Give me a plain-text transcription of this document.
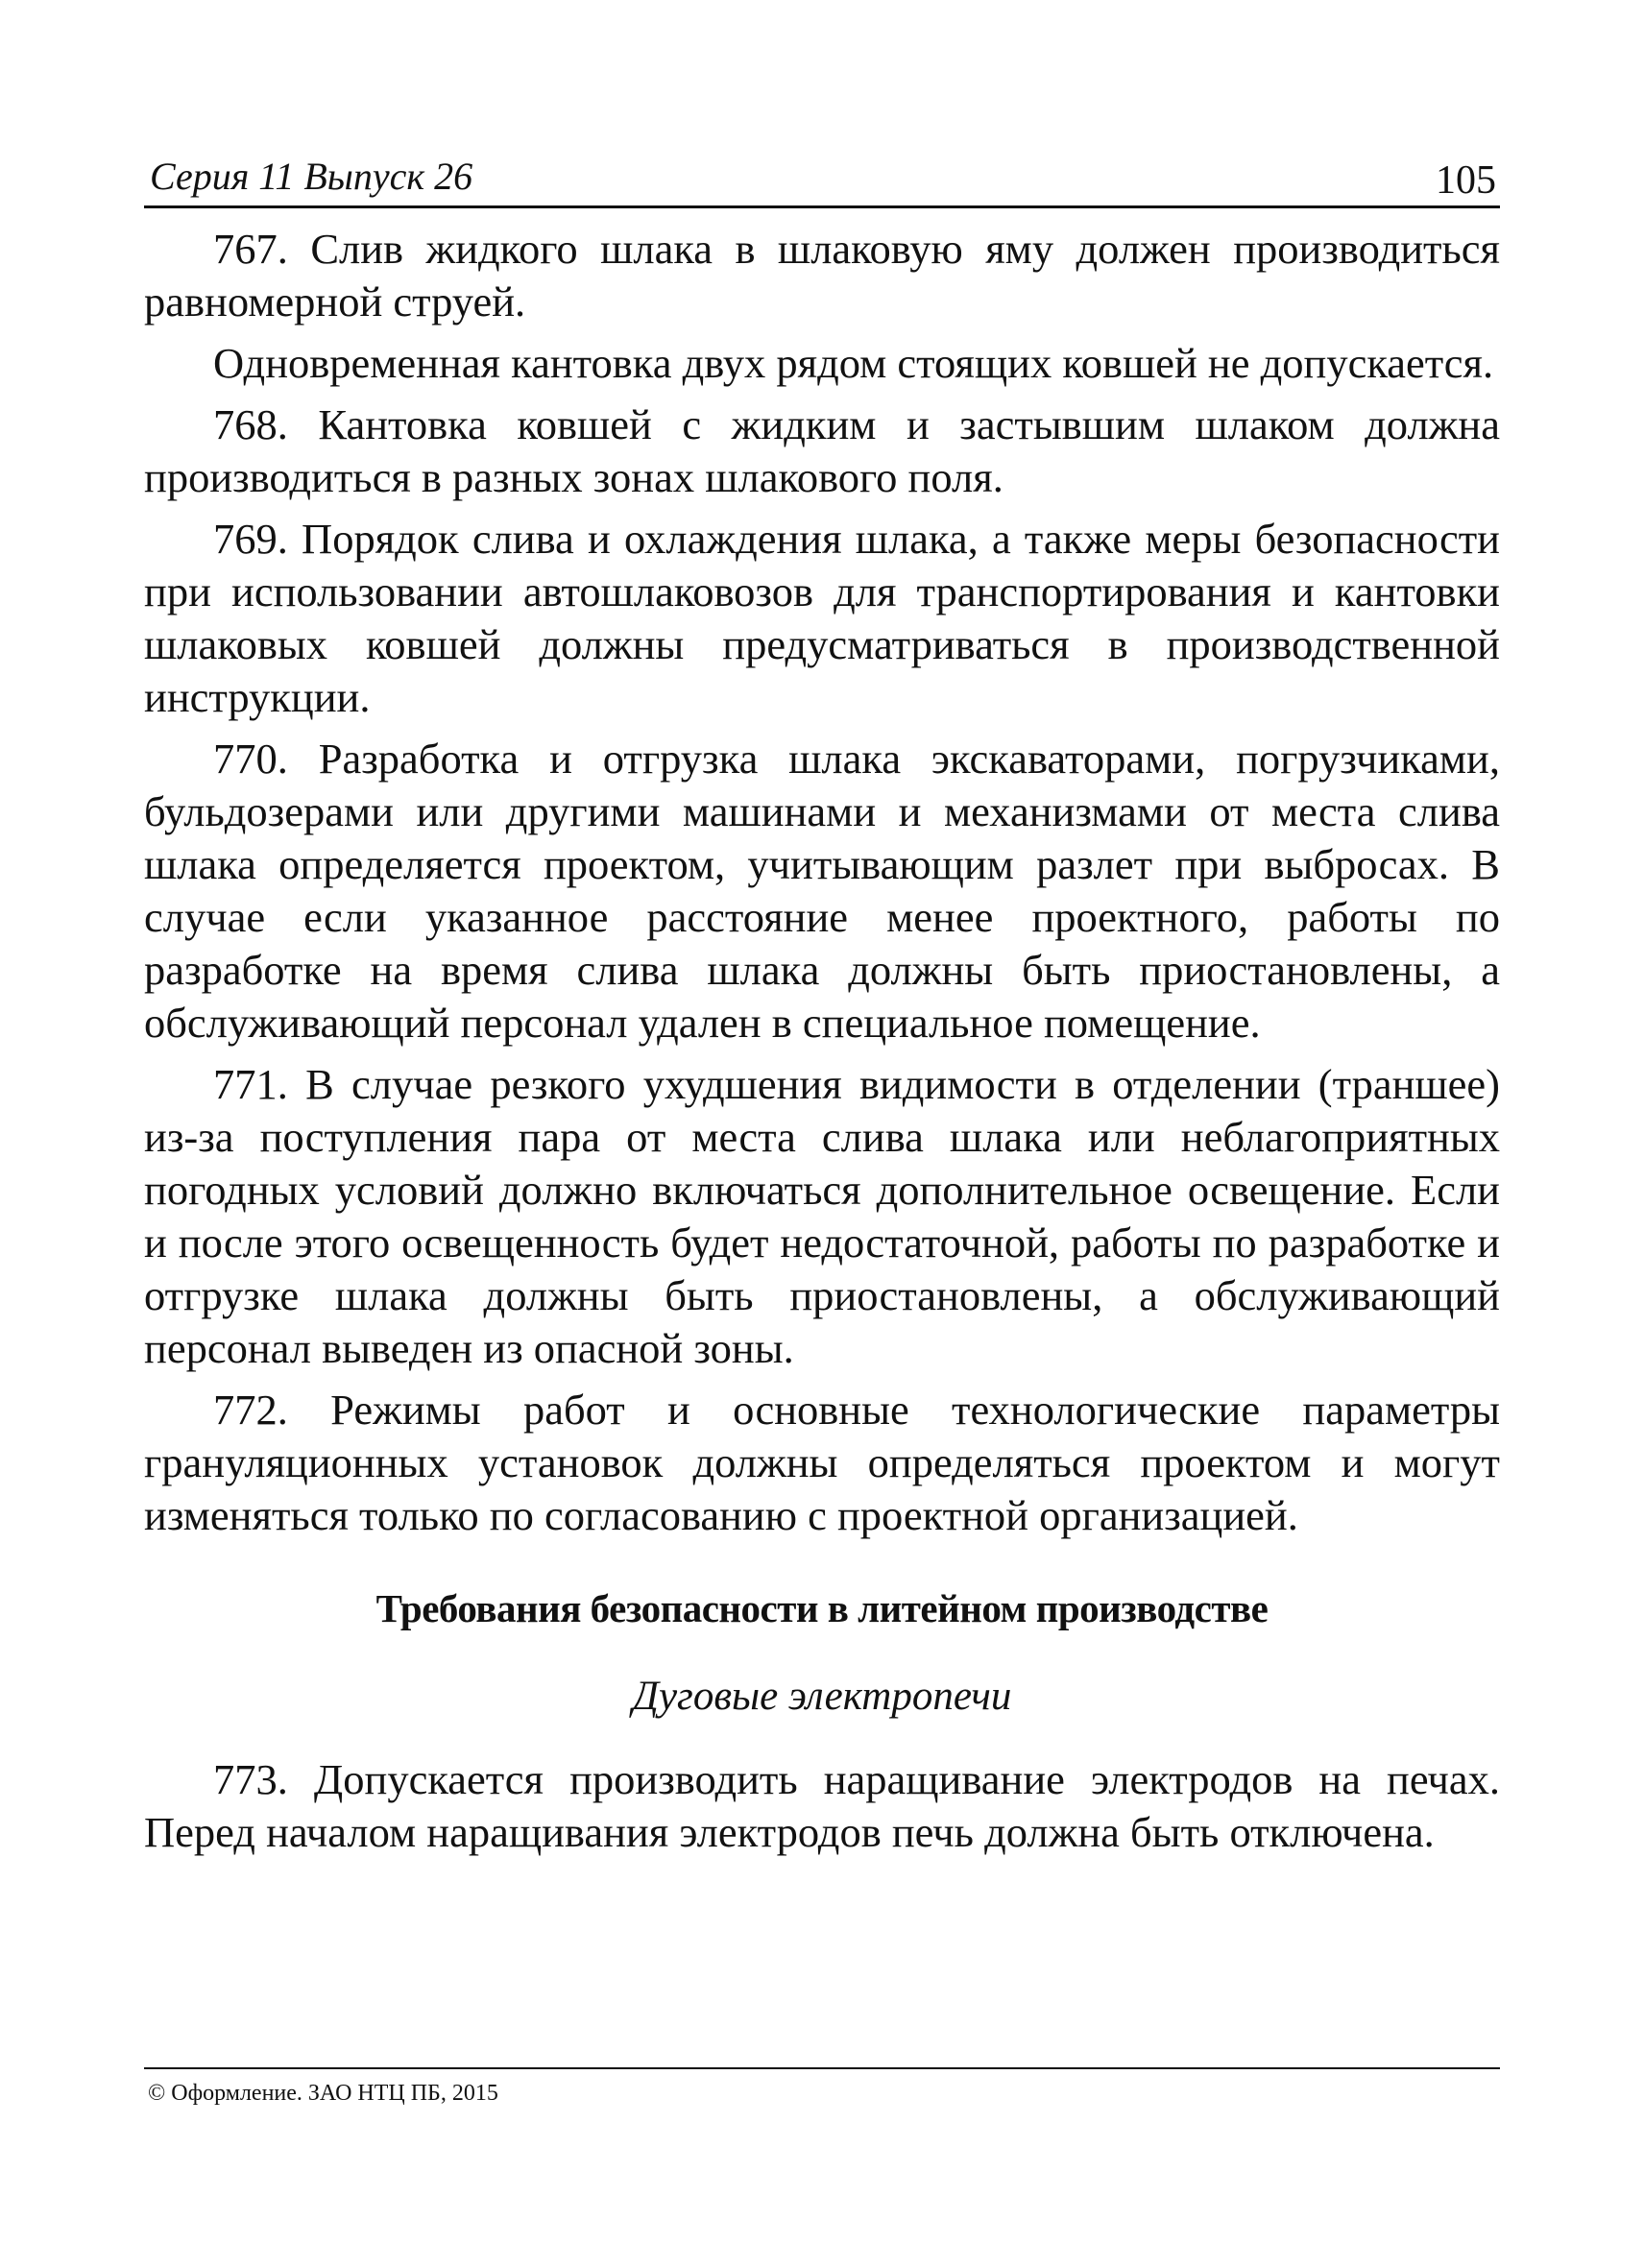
Серия 11 Выпуск 26	105

767. Слив жидкого шлака в шлаковую яму должен производиться равномерной струей.

Одновременная кантовка двух рядом стоящих ковшей не допускается.

768. Кантовка ковшей с жидким и застывшим шлаком должна производиться в разных зонах шлакового поля.

769. Порядок слива и охлаждения шлака, а также меры безопасности при использовании автошлаковозов для транспортирования и кантовки шлаковых ковшей должны предусматриваться в производственной инструкции.

770. Разработка и отгрузка шлака экскаваторами, погрузчиками, бульдозерами или другими машинами и механизмами от места слива шлака определяется проектом, учитывающим разлет при выбросах. В случае если указанное расстояние менее проектного, работы по разработке на время слива шлака должны быть приостановлены, а обслуживающий персонал удален в специальное помещение.

771. В случае резкого ухудшения видимости в отделении (траншее) из-за поступления пара от места слива шлака или неблагоприятных погодных условий должно включаться дополнительное освещение. Если и после этого освещенность будет недостаточной, работы по разработке и отгрузке шлака должны быть приостановлены, а обслуживающий персонал выведен из опасной зоны.

772. Режимы работ и основные технологические параметры грануляционных установок должны определяться проектом и могут изменяться только по согласованию с проектной организацией.

Требования безопасности в литейном производстве
Дуговые электропечи

773. Допускается производить наращивание электродов на печах. Перед началом наращивания электродов печь должна быть отключена.

© Оформление. ЗАО НТЦ ПБ, 2015
